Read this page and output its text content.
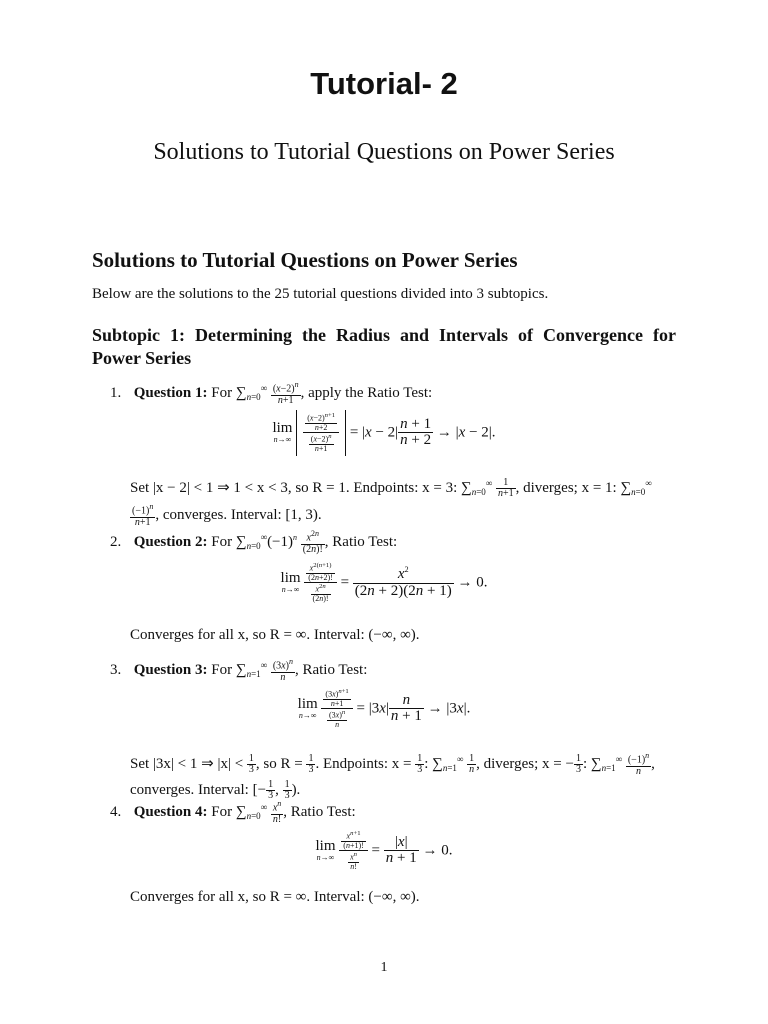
Tutorial- 2
Solutions to Tutorial Questions on Power Series
Solutions to Tutorial Questions on Power Series
Below are the solutions to the 25 tutorial questions divided into 3 subtopics.
Subtopic 1: Determining the Radius and Intervals of Convergence for Power Series
1. Question 1: For $\sum_{n=0}^\infty \frac{(x-2)^n}{n+1}$ , apply the Ratio Test:
lim
n→∞
$\frac{\frac{(x-2)^{n+1}}{n+2}}{\frac{(x-2)^n}{n+1}} = |x - 2| \frac{n + 1}{n + 2} \to |x - 2|$.
Set |x − 2| < 1 ⇒ 1 < x < 3, so R = 1. Endpoints: x = 3: $\sum_{n=0}^\infty \frac{1}{n+1}$ , diverges; x = 1: $\sum_{n=0}^\infty$
$\frac{(-1)^n}{n+1}$ , converges. Interval: [1, 3).
2. Question 2: For $\sum_{n=0}^\infty(-1)^n \frac{x^{2n}}{(2n)!}$ , Ratio Test:
lim
n→∞
$\frac{\frac{x^{2(n+1)}}{(2n+2)!}}{\frac{x^{2n}}{(2n)!}} = \frac{x^2}{(2n + 2)(2n + 1)} \to 0$.
Converges for all x, so R = ∞. Interval: (−∞, ∞).
3. Question 3: For $\sum_{n=1}^\infty \frac{(3x)^n}{n}$ , Ratio Test:
lim
n→∞
$\frac{\frac{(3x)^{n+1}}{n+1}}{\frac{(3x)^n}{n}} = |3x| \frac{n}{n + 1} \to |3x|$.
Set |3x| < 1 ⇒ $|x| < \frac{1}{3}$ , so $R = \frac{1}{3}$ . Endpoints: $x = \frac{1}{3}$ : $\sum_{n=1}^\infty \frac{1}{n}$ , diverges; x = − $\frac{1}{3}$ : $\sum_{n=1}^\infty \frac{(-1)^n}{n}$ , converges. Interval: [− $\frac{1}{3}$ , $\frac{1}{3}$ ).
4. Question 4: For $\sum_{n=0}^\infty \frac{x^n}{n!}$ , Ratio Test:
lim
n→∞
$\frac{\frac{x^{n+1}}{(n+1)!}}{\frac{x^n}{n!}} = \frac{|x|}{n + 1} \to 0$.
Converges for all x, so R = ∞. Interval: (−∞, ∞).
1
